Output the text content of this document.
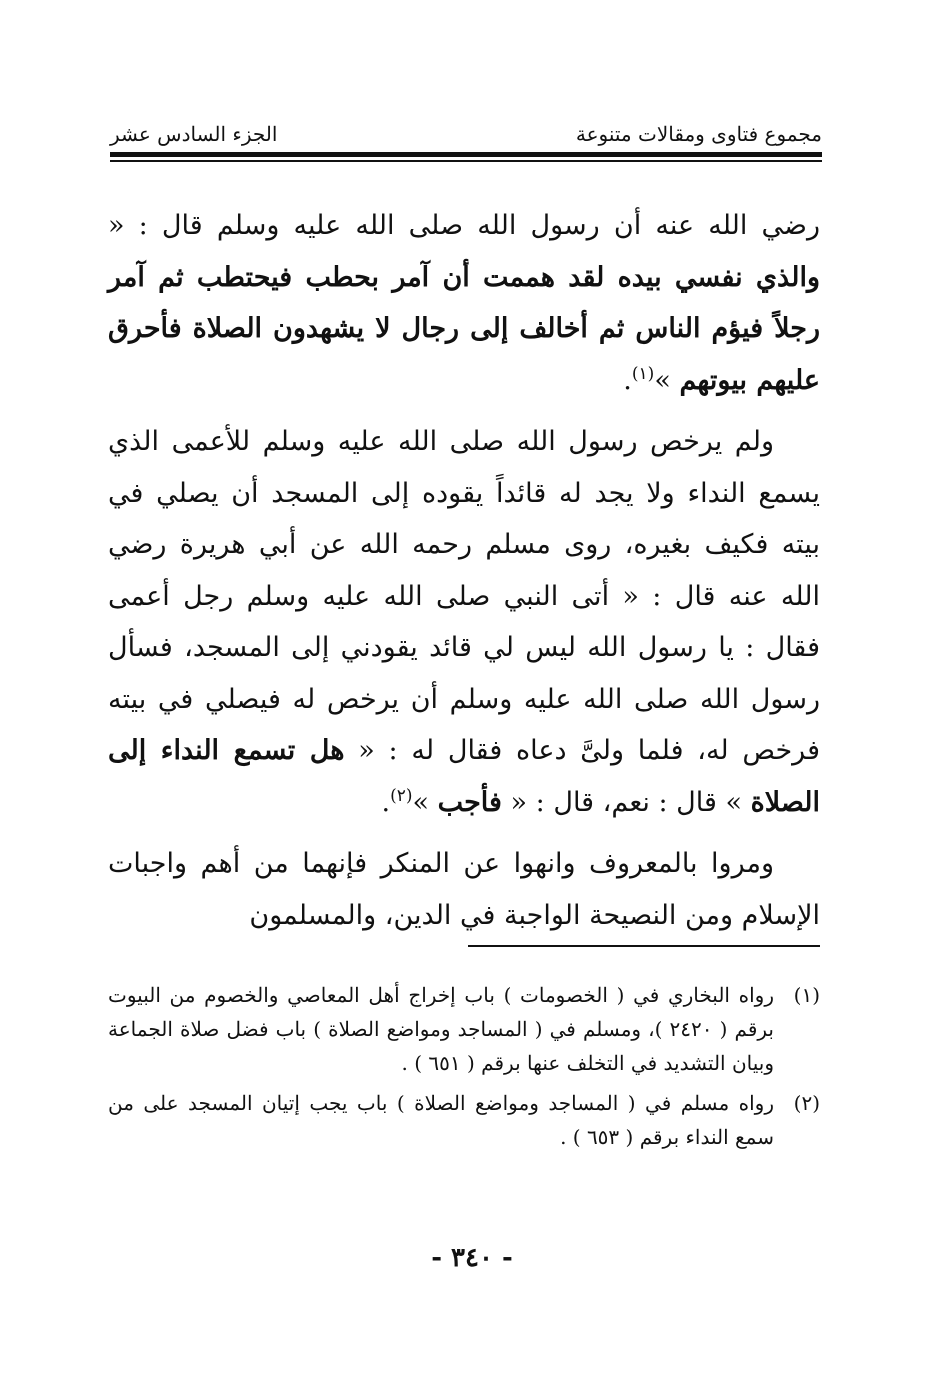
مجموع فتاوى ومقالات متنوعة
الجزء السادس عشر

رضي الله عنه أن رسول الله صلى الله عليه وسلم قال : « والذي نفسي بيده لقد هممت أن آمر بحطب فيحتطب ثم آمر رجلاً فيؤم الناس ثم أخالف إلى رجال لا يشهدون الصلاة فأحرق عليهم بيوتهم »$^{(١)}$.

ولم يرخص رسول الله صلى الله عليه وسلم للأعمى الذي يسمع النداء ولا يجد له قائداً يقوده إلى المسجد أن يصلي في بيته فكيف بغيره، روى مسلم رحمه الله عن أبي هريرة رضي الله عنه قال : « أتى النبي صلى الله عليه وسلم رجل أعمى فقال : يا رسول الله ليس لي قائد يقودني إلى المسجد، فسأل رسول الله صلى الله عليه وسلم أن يرخص له فيصلي في بيته فرخص له، فلما ولىَّ دعاه فقال له : « هل تسمع النداء إلى الصلاة » قال : نعم، قال : « فأجب »$^{(٢)}$.

ومروا بالمعروف وانهوا عن المنكر فإنهما من أهم واجبات الإسلام ومن النصيحة الواجبة في الدين، والمسلمون

(١)
رواه البخاري في ( الخصومات ) باب إخراج أهل المعاصي والخصوم من البيوت برقم ( ٢٤٢٠ )، ومسلم في ( المساجد ومواضع الصلاة ) باب فضل صلاة الجماعة وبيان التشديد في التخلف عنها برقم ( ٦٥١ ) .
(٢)
رواه مسلم في ( المساجد ومواضع الصلاة ) باب يجب إتيان المسجد على من سمع النداء برقم ( ٦٥٣ ) .
- ٣٤٠ -
